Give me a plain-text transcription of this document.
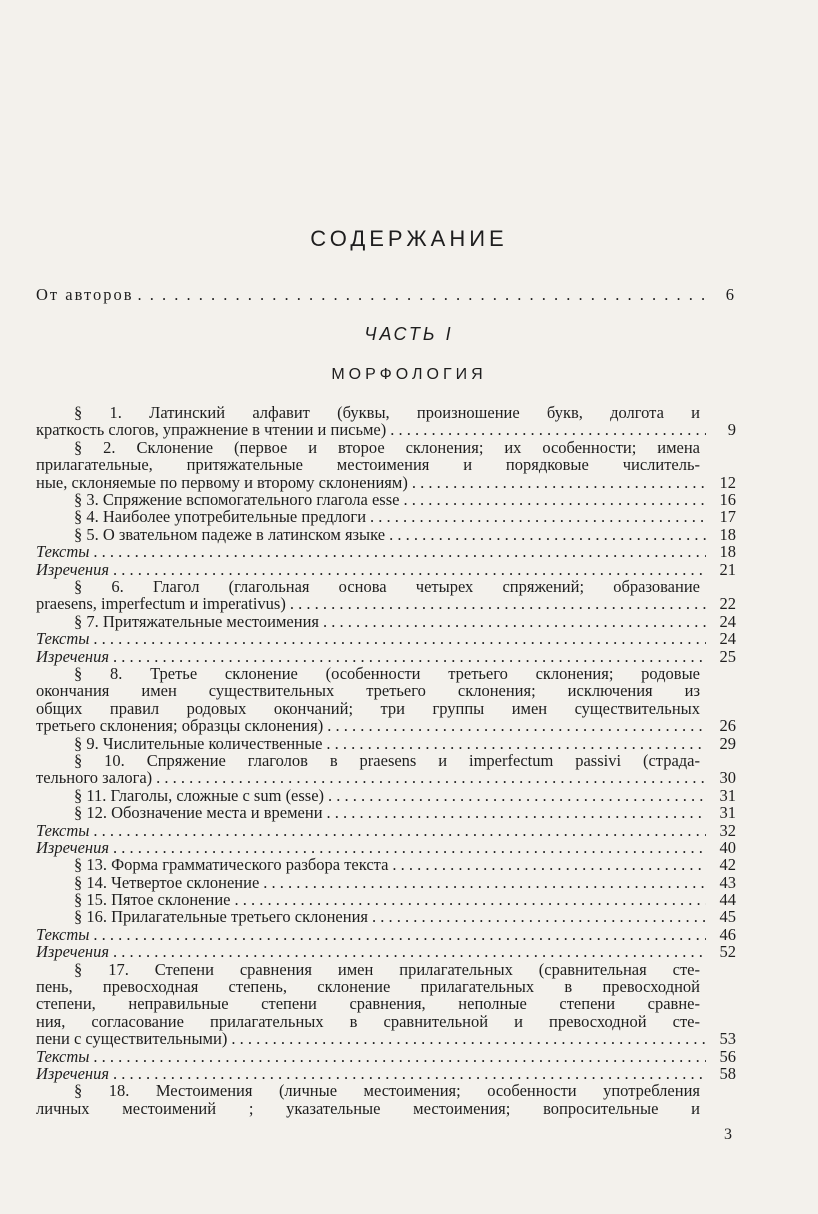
СОДЕРЖАНИЕ
От авторов . . .	6
ЧАСТЬ I
МОРФОЛОГИЯ
§ 1. Латинский алфавит (буквы, произношение букв, долгота и
краткость слогов, упражнение в чтении и письме) . . .	9
§ 2. Склонение (первое и второе склонения; их особенности; имена
прилагательные, притяжательные местоимения и порядковые числитель-
ные, склоняемые по первому и второму склонениям) . . .	12
§ 3. Спряжение вспомогательного глагола esse . . .	16
§ 4. Наиболее употребительные предлоги . . .	17
§ 5. О звательном падеже в латинском языке . . .	18
Тексты . . .	18
Изречения . . .	21
§ 6. Глагол (глагольная основа четырех спряжений; образование
praesens, imperfectum и imperativus) . . .	22
§ 7. Притяжательные местоимения . . .	24
Тексты . . .	24
Изречения . . .	25
§ 8. Третье склонение (особенности третьего склонения; родовые
окончания имен существительных третьего склонения; исключения из
общих правил родовых окончаний; три группы имен существительных
третьего склонения; образцы склонения) . . .	26
§ 9. Числительные количественные . . .	29
§ 10. Спряжение глаголов в praesens и imperfectum passivi (страда-
тельного залога) . . .	30
§ 11. Глаголы, сложные с sum (esse) . . .	31
§ 12. Обозначение места и времени . . .	31
Тексты . . .	32
Изречения . . .	40
§ 13. Форма грамматического разбора текста . . .	42
§ 14. Четвертое склонение . . .	43
§ 15. Пятое склонение . . .	44
§ 16. Прилагательные третьего склонения . . .	45
Тексты . . .	46
Изречения . . .	52
§ 17. Степени сравнения имен прилагательных (сравнительная сте-
пень, превосходная степень, склонение прилагательных в превосходной
степени, неправильные степени сравнения, неполные степени сравне-
ния, согласование прилагательных в сравнительной и превосходной сте-
пени с существительными) . . .	53
Тексты . . .	56
Изречения . . .	58
§ 18. Местоимения (личные местоимения; особенности употребления
личных местоимений ; указательные местоимения; вопросительные и
3
